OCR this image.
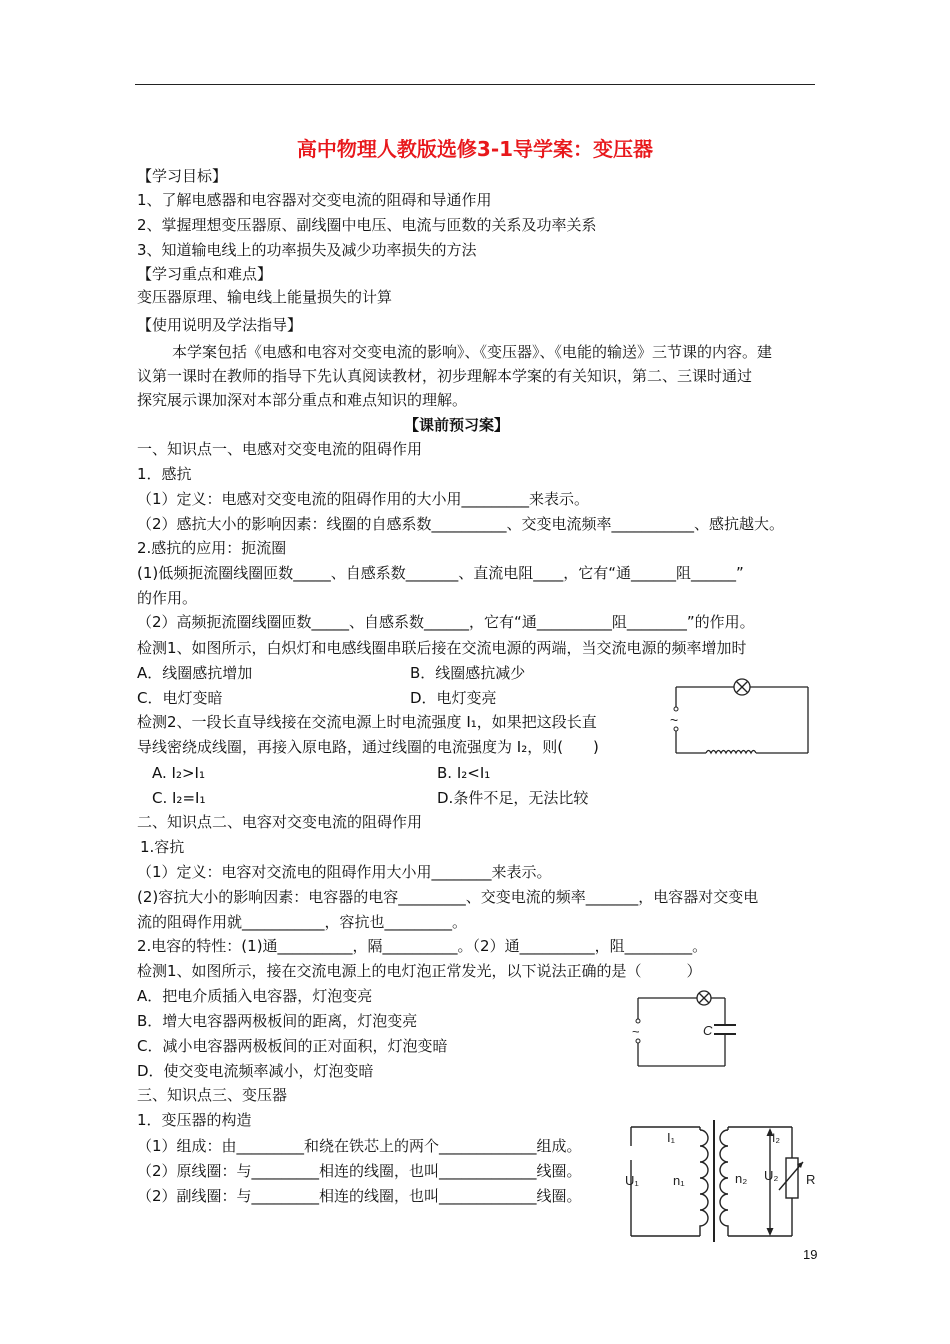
高中物理人教版选修3-1导学案：变压器
【学习目标】
1、了解电感器和电容器对交变电流的阻碍和导通作用
2、掌握理想变压器原、副线圈中电压、电流与匝数的关系及功率关系
3、知道输电线上的功率损失及减少功率损失的方法
【学习重点和难点】
变压器原理、输电线上能量损失的计算
【使用说明及学法指导】
本学案包括《电感和电容对交变电流的影响》、《变压器》、《电能的输送》三节课的内容。建
议第一课时在教师的指导下先认真阅读教材，初步理解本学案的有关知识，第二、三课时通过
探究展示课加深对本部分重点和难点知识的理解。
【课前预习案】
一、知识点一、电感对交变电流的阻碍作用
1．感抗
（1）定义：电感对交变电流的阻碍作用的大小用_________来表示。
（2）感抗大小的影响因素：线圈的自感系数__________、交变电流频率___________、感抗越大。
2.感抗的应用：扼流圈
(1)低频扼流圈线圈匝数_____、自感系数_______、直流电阻____，它有“通______阻______”
的作用。
（2）高频扼流圈线圈匝数_____、自感系数______，它有“通__________阻________”的作用。
检测1、如图所示，白炽灯和电感线圈串联后接在交流电源的两端，当交流电源的频率增加时
A．线圈感抗增加	B．线圈感抗减少
C．电灯变暗	D．电灯变亮
检测2、一段长直导线接在交流电源上时电流强度 I₁，如果把这段长直
导线密绕成线圈，再接入原电路，通过线圈的电流强度为 I₂，则(　　)
A. I₂>I₁	B. I₂<I₁
C. I₂=I₁	D.条件不足，无法比较
~
二、知识点二、电容对交变电流的阻碍作用
1.容抗
（1）定义：电容对交流电的阻碍作用大小用________来表示。
(2)容抗大小的影响因素：电容器的电容_________、交变电流的频率_______，电容器对交变电
流的阻碍作用就___________，容抗也_________。
2.电容的特性：(1)通__________，隔__________。（2）通__________，阻_________。
检测1、如图所示，接在交流电源上的电灯泡正常发光，以下说法正确的是（　　　）
A．把电介质插入电容器，灯泡变亮
B．增大电容器两极板间的距离，灯泡变亮
C．减小电容器两极板间的正对面积，灯泡变暗
D．使交变电流频率减小，灯泡变暗
~	C
三、知识点三、变压器
1．变压器的构造
（1）组成：由_________和绕在铁芯上的两个_____________组成。
（2）原线圈：与_________相连的线圈，也叫_____________线圈。
（2）副线圈：与_________相连的线圈，也叫_____________线圈。
I₁
U₁	n₁	n₂ U₂
I₂
R
19
